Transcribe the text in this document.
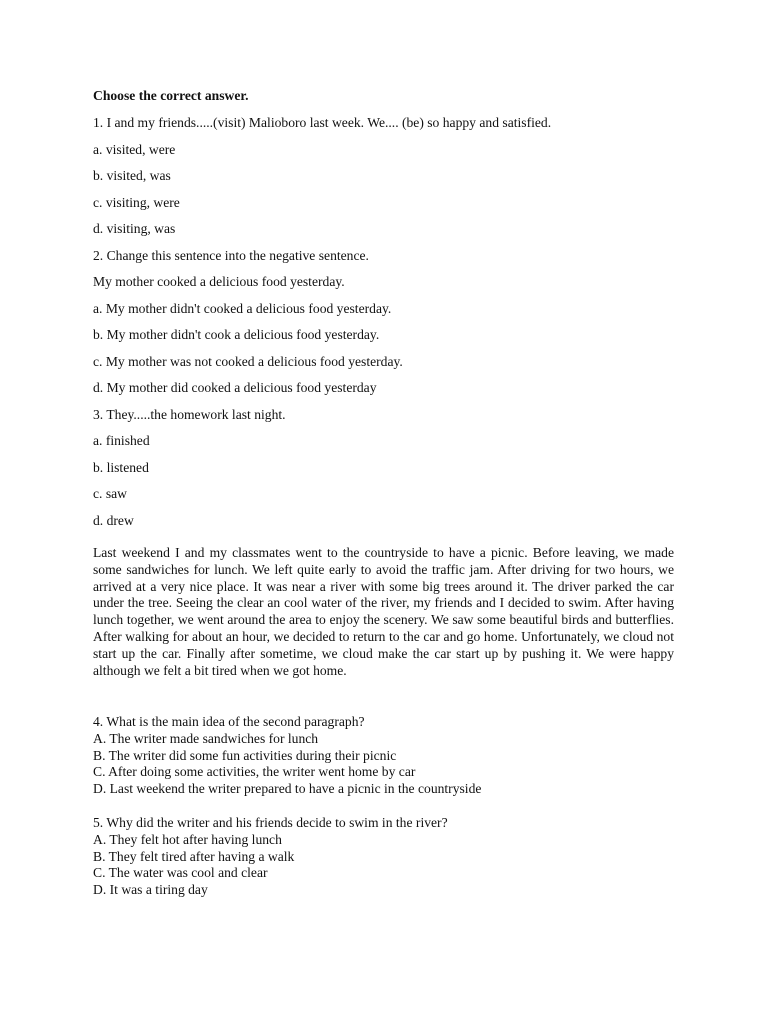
Choose the correct answer.
1. I and my friends.....(visit) Malioboro last week. We.... (be) so happy and satisfied.
a. visited, were
b. visited, was
c. visiting, were
d. visiting, was
2. Change this sentence into the negative sentence.
My mother cooked a delicious food yesterday.
a. My mother didn't cooked a delicious food yesterday.
b. My mother didn't cook a delicious food yesterday.
c. My mother was not cooked a delicious food yesterday.
d. My mother did cooked a delicious food yesterday
3. They.....the homework last night.
a. finished
b. listened
c. saw
d. drew
Last weekend I and my classmates went to the countryside to have a picnic. Before leaving, we made some sandwiches for lunch. We left quite early to avoid the traffic jam. After driving for two hours, we arrived at a very nice place. It was near a river with some big trees around it. The driver parked the car under the tree. Seeing the clear an cool water of the river, my friends and I decided to swim. After having lunch together, we went around the area to enjoy the scenery. We saw some beautiful birds and butterflies. After walking for about an hour, we decided to return to the car and go home. Unfortunately, we cloud not start up the car. Finally after sometime, we cloud make the car start up by pushing it. We were happy although we felt a bit tired when we got home.
4. What is the main idea of the second paragraph?
A. The writer made sandwiches for lunch
B. The writer did some fun activities during their picnic
C. After doing some activities, the writer went home by car
D. Last weekend the writer prepared to have a picnic in the countryside
5. Why did the writer and his friends decide to swim in the river?
A. They felt hot after having lunch
B. They felt tired after having a walk
C. The water was cool and clear
D. It was a tiring day
